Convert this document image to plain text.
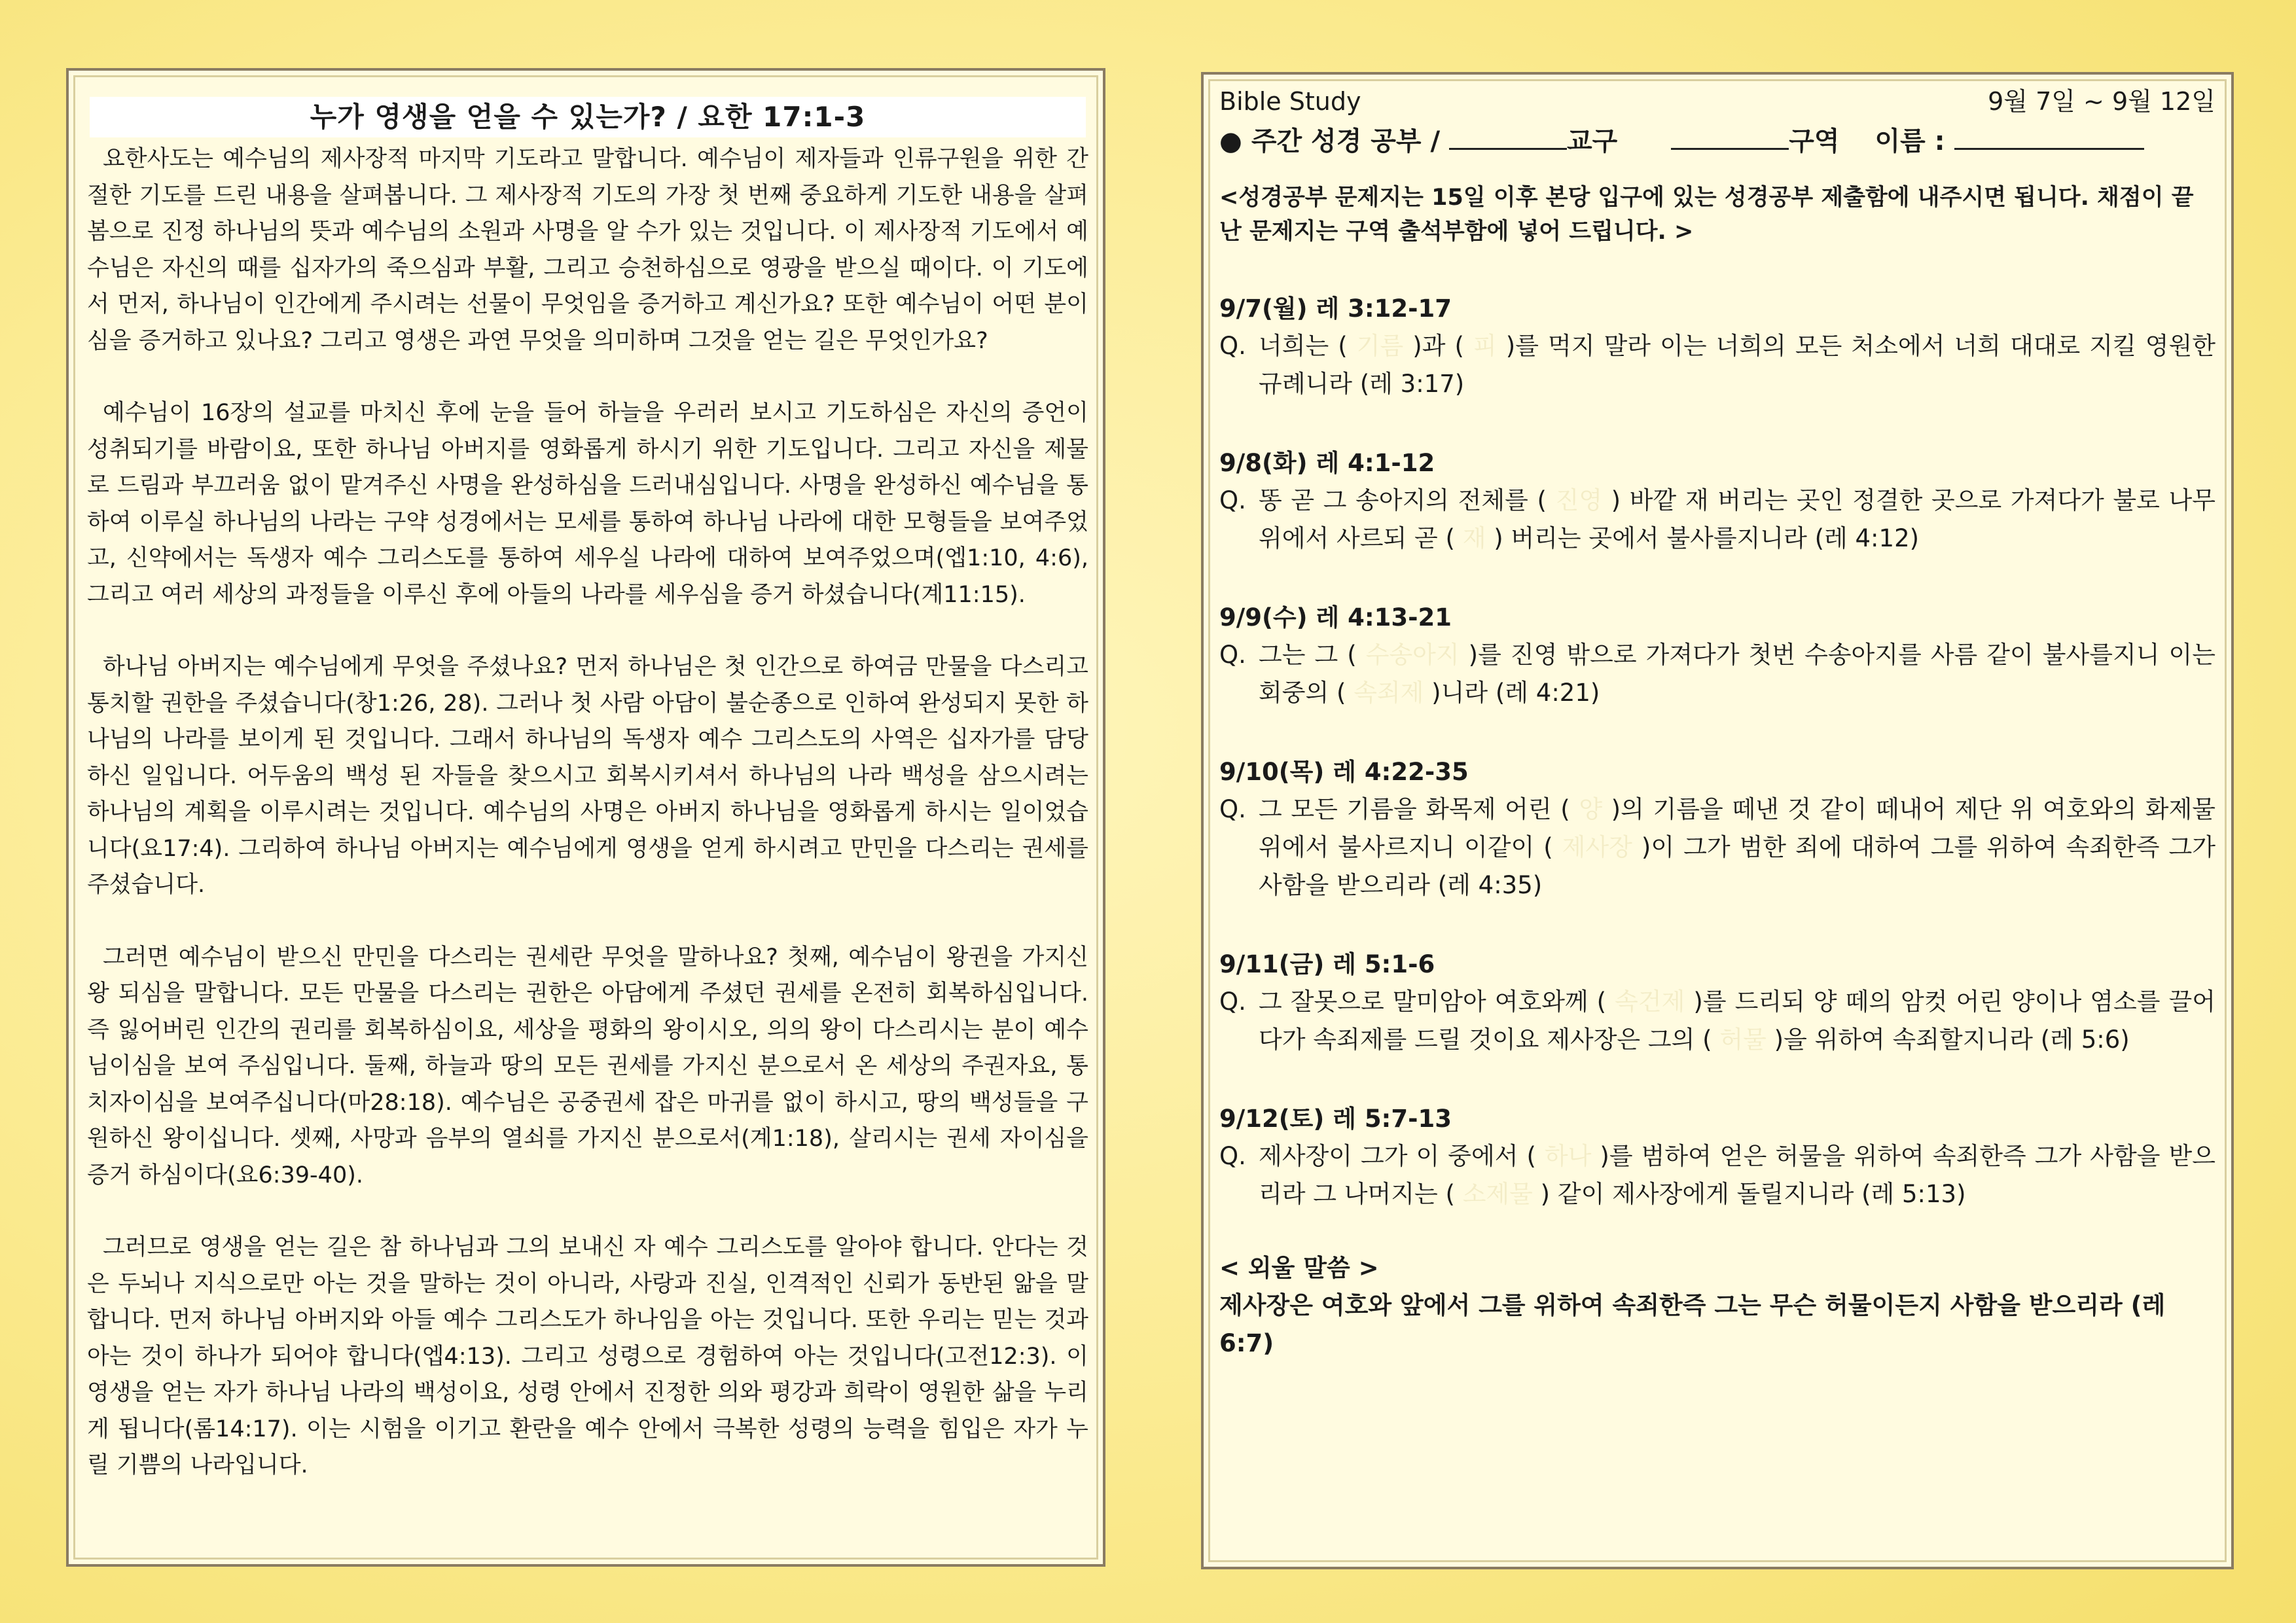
누가 영생을 얻을 수 있는가? / 요한 17:1-3

요한사도는 예수님의 제사장적 마지막 기도라고 말합니다. 예수님이 제자들과 인류구원을 위한 간절한 기도를 드린 내용을 살펴봅니다. 그 제사장적 기도의 가장 첫 번째 중요하게 기도한 내용을 살펴봄으로 진정 하나님의 뜻과 예수님의 소원과 사명을 알 수가 있는 것입니다. 이 제사장적 기도에서 예수님은 자신의 때를 십자가의 죽으심과 부활, 그리고 승천하심으로 영광을 받으실 때이다. 이 기도에서 먼저, 하나님이 인간에게 주시려는 선물이 무엇임을 증거하고 계신가요? 또한 예수님이 어떤 분이심을 증거하고 있나요? 그리고 영생은 과연 무엇을 의미하며 그것을 얻는 길은 무엇인가요?

예수님이 16장의 설교를 마치신 후에 눈을 들어 하늘을 우러러 보시고 기도하심은 자신의 증언이 성취되기를 바람이요, 또한 하나님 아버지를 영화롭게 하시기 위한 기도입니다. 그리고 자신을 제물로 드림과 부끄러움 없이 맡겨주신 사명을 완성하심을 드러내심입니다. 사명을 완성하신 예수님을 통하여 이루실 하나님의 나라는 구약 성경에서는 모세를 통하여 하나님 나라에 대한 모형들을 보여주었고, 신약에서는 독생자 예수 그리스도를 통하여 세우실 나라에 대하여 보여주었으며(엡1:10, 4:6), 그리고 여러 세상의 과정들을 이루신 후에 아들의 나라를 세우심을 증거 하셨습니다(계11:15).

하나님 아버지는 예수님에게 무엇을 주셨나요? 먼저 하나님은 첫 인간으로 하여금 만물을 다스리고 통치할 권한을 주셨습니다(창1:26, 28). 그러나 첫 사람 아담이 불순종으로 인하여 완성되지 못한 하나님의 나라를 보이게 된 것입니다. 그래서 하나님의 독생자 예수 그리스도의 사역은 십자가를 담당하신 일입니다. 어두움의 백성 된 자들을 찾으시고 회복시키셔서 하나님의 나라 백성을 삼으시려는 하나님의 계획을 이루시려는 것입니다. 예수님의 사명은 아버지 하나님을 영화롭게 하시는 일이었습니다(요17:4). 그리하여 하나님 아버지는 예수님에게 영생을 얻게 하시려고 만민을 다스리는 권세를 주셨습니다.

그러면 예수님이 받으신 만민을 다스리는 권세란 무엇을 말하나요? 첫째, 예수님이 왕권을 가지신 왕 되심을 말합니다. 모든 만물을 다스리는 권한은 아담에게 주셨던 권세를 온전히 회복하심입니다. 즉 잃어버린 인간의 권리를 회복하심이요, 세상을 평화의 왕이시오, 의의 왕이 다스리시는 분이 예수님이심을 보여 주심입니다. 둘째, 하늘과 땅의 모든 권세를 가지신 분으로서 온 세상의 주권자요, 통치자이심을 보여주십니다(마28:18). 예수님은 공중권세 잡은 마귀를 없이 하시고, 땅의 백성들을 구원하신 왕이십니다. 셋째, 사망과 음부의 열쇠를 가지신 분으로서(계1:18), 살리시는 권세 자이심을 증거 하심이다(요6:39-40).

그러므로 영생을 얻는 길은 참 하나님과 그의 보내신 자 예수 그리스도를 알아야 합니다. 안다는 것은 두뇌나 지식으로만 아는 것을 말하는 것이 아니라, 사랑과 진실, 인격적인 신뢰가 동반된 앎을 말합니다. 먼저 하나님 아버지와 아들 예수 그리스도가 하나임을 아는 것입니다. 또한 우리는 믿는 것과 아는 것이 하나가 되어야 합니다(엡4:13). 그리고 성령으로 경험하여 아는 것입니다(고전12:3). 이 영생을 얻는 자가 하나님 나라의 백성이요, 성령 안에서 진정한 의와 평강과 희락이 영원한 삶을 누리게 됩니다(롬14:17). 이는 시험을 이기고 환란을 예수 안에서 극복한 성령의 능력을 힘입은 자가 누릴 기쁨의 나라입니다.

Bible Study	9월 7일 ~ 9월 12일
● 주간 성경 공부 /	교구	구역 이름 :
<성경공부 문제지는 15일 이후 본당 입구에 있는 성경공부 제출함에 내주시면 됩니다. 채점이 끝난 문제지는 구역 출석부함에 넣어 드립니다. >
9/7(월) 레 3:12-17
Q. 너희는 ( 기름 )과 ( 피 )를 먹지 말라 이는 너희의 모든 처소에서 너희 대대로 지킬 영원한 규례니라 (레 3:17)
9/8(화) 레 4:1-12
Q. 똥 곧 그 송아지의 전체를 ( 진영 ) 바깥 재 버리는 곳인 정결한 곳으로 가져다가 불로 나무 위에서 사르되 곧 ( 재 ) 버리는 곳에서 불사를지니라 (레 4:12)
9/9(수) 레 4:13-21
Q. 그는 그 ( 수송아지 )를 진영 밖으로 가져다가 첫번 수송아지를 사름 같이 불사를지니 이는 회중의 ( 속죄제 )니라 (레 4:21)
9/10(목) 레 4:22-35
Q. 그 모든 기름을 화목제 어린 ( 양 )의 기름을 떼낸 것 같이 떼내어 제단 위 여호와의 화제물 위에서 불사르지니 이같이 ( 제사장 )이 그가 범한 죄에 대하여 그를 위하여 속죄한즉 그가 사함을 받으리라 (레 4:35)
9/11(금) 레 5:1-6
Q. 그 잘못으로 말미암아 여호와께 ( 속건제 )를 드리되 양 떼의 암컷 어린 양이나 염소를 끌어다가 속죄제를 드릴 것이요 제사장은 그의 ( 허물 )을 위하여 속죄할지니라 (레 5:6)
9/12(토) 레 5:7-13
Q. 제사장이 그가 이 중에서 ( 하나 )를 범하여 얻은 허물을 위하여 속죄한즉 그가 사함을 받으리라 그 나머지는 ( 소제물 ) 같이 제사장에게 돌릴지니라 (레 5:13)
< 외울 말씀 >
제사장은 여호와 앞에서 그를 위하여 속죄한즉 그는 무슨 허물이든지 사함을 받으리라 (레 6:7)
